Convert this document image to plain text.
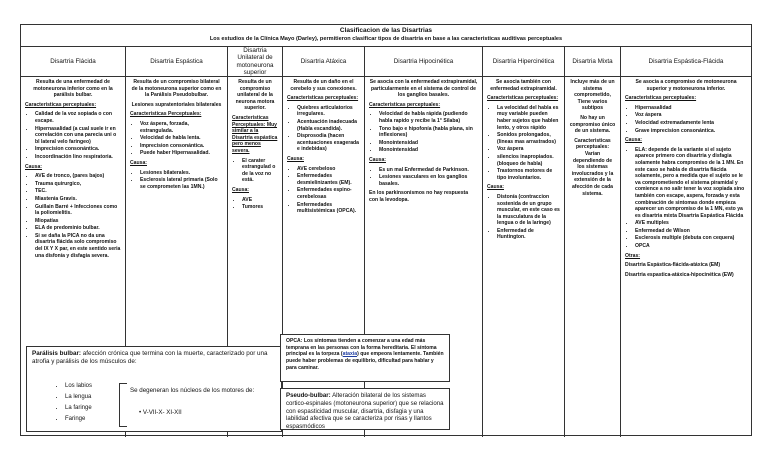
Clasificacion de las Disartrias
Los estudios de la Clínica Mayo (Darley), permitieron clasificar tipos de disartria en base a las caracteristicas auditivas perceptuales
Disartria Flácida

Resulta de una enfermedad de motoneurona inferior como en la parálisis bulbar.

Caracteristicas perceptuales:

• Calidad de la voz sopiada o con escape.
• Hipernasalidad (a cual suele ir en correlación con una parecia uni o bl lateral velo faringeo)
• Imprecision consonántica.
• Incoordinación lino respiratoria.

Causa:

• AVE de tronco, (pares bajos)
• Trauma quirurgico,
• TEC.
• Miastenia Gravis.
• Guillain Barré + Infecciones como la poliomielitis.
• Miopatías
• ELA de predominio bulbar.
• Si se daña la PICA no da una disartria flácida solo compromiso del IX Y X par, en este sentido seria una disfonía y disfagia severa.
Disartria Espástica

Resulta de un compromiso bilateral de la motoneurona superior como en la Parálisis Pseudobulbar.

Lesiones supratentoriales bilaterales

Caracteristicas Perceptuales:

• Voz áspera, forzada, estrangulada.
• Velocidad de habla lenta.
• Imprecision consonántica.
• Puede haber Hipernasalidad.

Causa:

• Lesiones bilaterales.
• Esclerosis lateral primaria (Solo se comprometen las 1MN.)
Disartria Unilateral de motoneurona superior

Resulta de un compromiso unilateral de la neurona motora superior.

Caracteristicas Perceptuales: Muy similar a la Disartria espástica pero menos severa.

• El carater estrangulad o de la voz no está.

Causa:

• AVE
• Tumores
Disartria Atáxica

Resulta de un daño en el cerebelo y sus conexiones.

Caracteristicas perceptuales:

• Quiebres articulatorios irregulares.
• Acentuación inadecuada (Habla escandida).
• Disprosodia (hacen acentuaciones exagerada e indebidas)

Causa:

• AVE cerebeloso
• Enfermedades desmielinizantes (EM).
• Enfermedades espino-cerebelosas
• Enfermedades multisistémicas (OPCA).
Disartria Hipocinética

Se asocia con la enfermedad extrapiramidal, particularmente en el sistema de control de los ganglios basales.

Caracteristicas perceptuales:

• Velocidad de habla rápida (pudiendo habla rapido y recibe la 1° Silaba)
• Tono bajo e hipofonía (habla plana, sin inflexiones)
• Monointensidad
• Monointensidad

Causa:

• Es un mal Enfermedad de Parkinson.
• Lesiones vasculares en los ganglios basales.

En los parkinsonismos no hay respuesta con la levodopa.

Disartria Hipercinética

Se asocia también con enfermedad extrapiramidal.

Caracteristicas perceptuales:

• La velocidad del habla es muy variable pueden haber sujetos que hablen lento, y otros rápido
• Sonidos prolongados, (lineas mas arrastrados)
• Voz áspera
• silencios inapropiados. (bloqueo de habla)
• Trastornos motores de tipo involuntarios.

Causa:

• Distonía (contraccion sostenida de un grupo muscular, en este caso es la musculatura de la lengua o de la laringe)
• Enfermedad de Huntington.
Disartria Mixta

Incluye más de un sistema comprometido, Tiene varios subtipos

No hay un compromiso único de un sistema.

Caracteristicas perceptuales: Varían dependiendo de los sistemas involucrados y la extensión de la afección de cada sistema.

Disartria Espástica-Flácida

Se asocia a compromiso de motoneurona superior y motoneurona inferior.

Caracteristicas perceptuales:

• Hipernasalidad
• Voz áspera
• Velocidad extremadamente lenta
• Grave imprecision consonántica.

Causa:

• ELA: depende de la variante si el sujeto aparece primero con disartria y disfagia solamente habra compromiso de la 1 MN. En este caso se habla de disartria flácida solamente, pero a medida que el sujeto se le va comprometiendo el sistema piramidal y comience a no salir tener la voz sopiada sino también con escape, aspera, forzada y esta combinación de sintomas donde empieza aparecer un compromiso de la 1 MN, esto ya es disartria mixta Disartria Espástica Flácida
• AVE multiples
• Enfermedad de Wilson
• Esclerosis multiple (debuta con cequera)
• OPCA

Otras:

Disartria Espástica-flácida-atáxica (EM)

Disartria espastica-atáxica-hipocinética (EW)

Parálisis bulbar: afección crónica que termina con la muerte, caracterizado por una atrofia y parálisis de los músculos de:
• Los labios
• La lengua
• La faringe
• Faringe
Se degeneran los núcleos de los motores de:
• V-VII-X- XI-XII
OPCA: Los síntomas tienden a comenzar a una edad más temprana en las personas con la forma hereditaria. El síntoma principal es la torpeza (ataxia) que empeora lentamente. También puede haber problemas de equilibrio, dificultad para hablar y para caminar.
Pseudo-bulbar: Alteración bilateral de los sistemas cortico-espinales (motoneurona superior) que se relaciona con espasticidad muscular, disartria, disfagia y una labilidad afectiva que se caracteriza por risas y llantos espasmódicos
